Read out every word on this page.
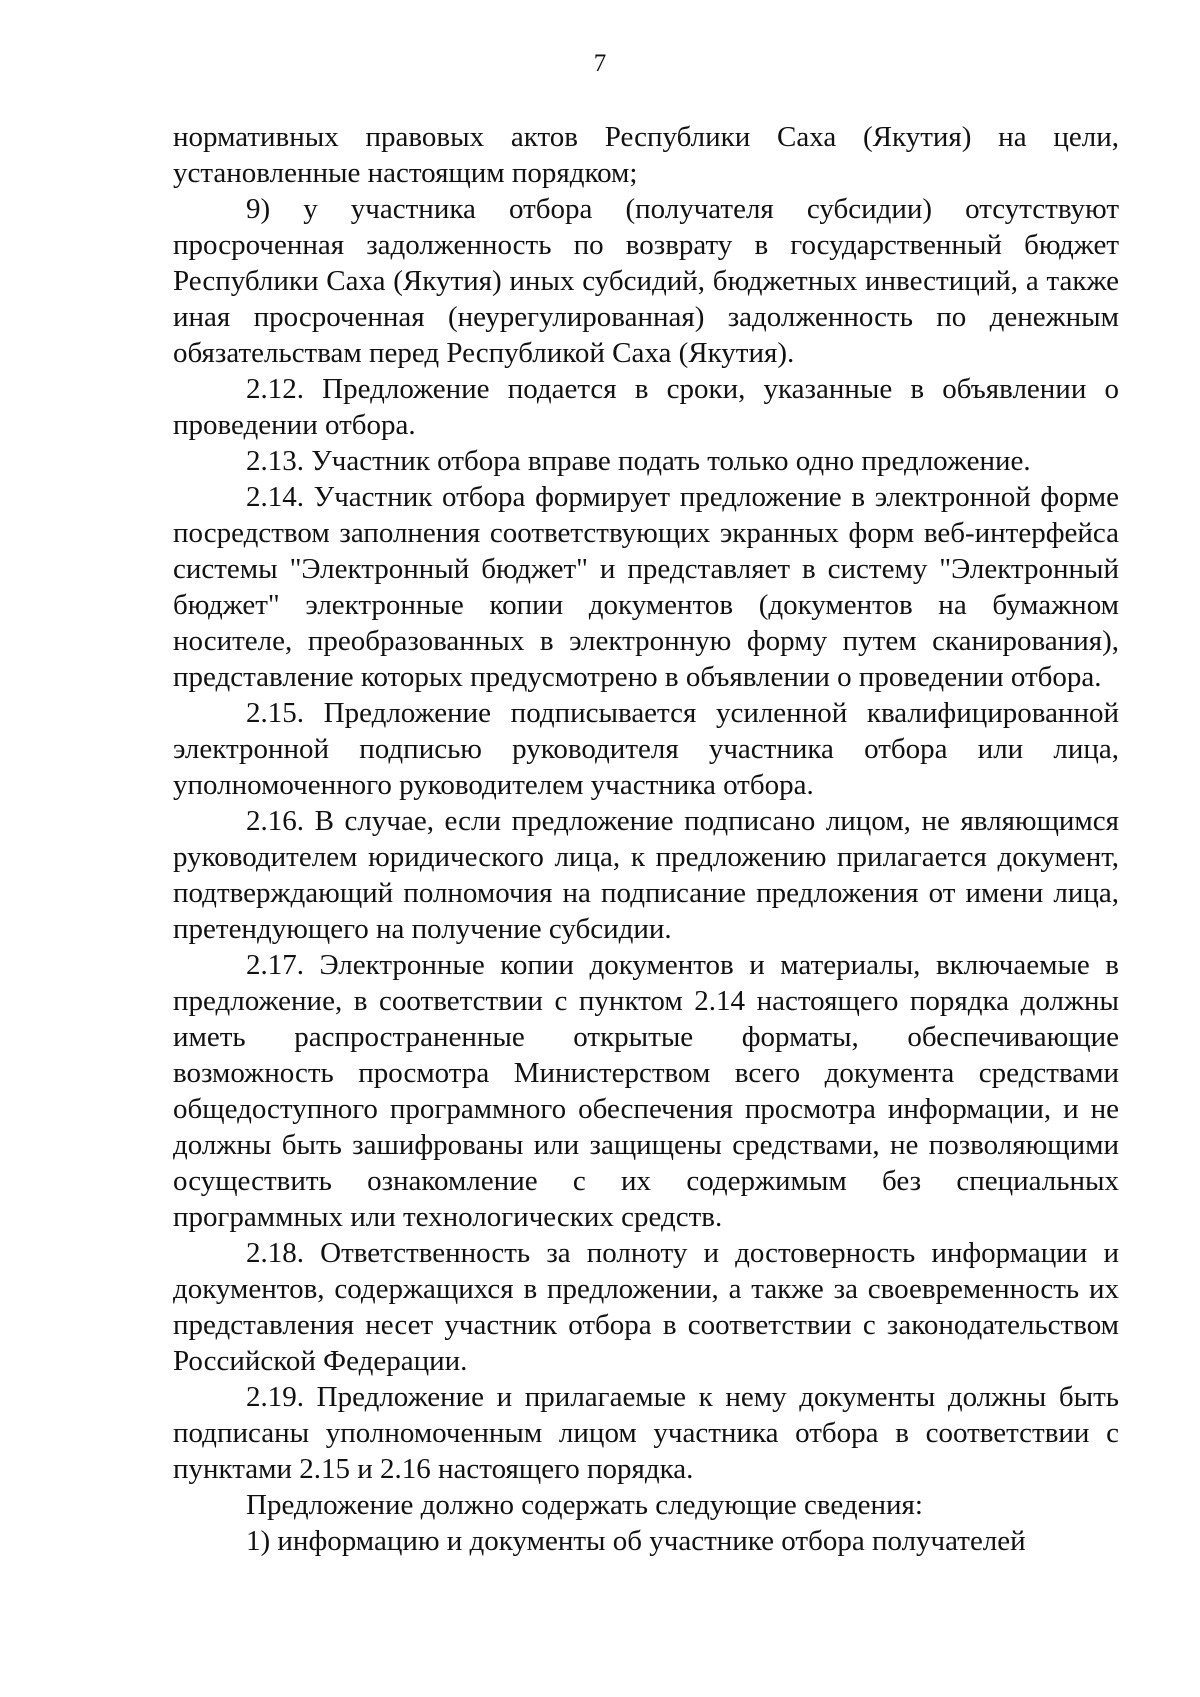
7

нормативных правовых актов Республики Саха (Якутия) на цели, установленные настоящим порядком;

9) у участника отбора (получателя субсидии) отсутствуют просроченная задолженность по возврату в государственный бюджет Республики Саха (Якутия) иных субсидий, бюджетных инвестиций, а также иная просроченная (неурегулированная) задолженность по денежным обязательствам перед Республикой Саха (Якутия).

2.12. Предложение подается в сроки, указанные в объявлении о проведении отбора.

2.13. Участник отбора вправе подать только одно предложение.

2.14. Участник отбора формирует предложение в электронной форме посредством заполнения соответствующих экранных форм веб-интерфейса системы "Электронный бюджет" и представляет в систему "Электронный бюджет" электронные копии документов (документов на бумажном носителе, преобразованных в электронную форму путем сканирования), представление которых предусмотрено в объявлении о проведении отбора.

2.15. Предложение подписывается усиленной квалифицированной электронной подписью руководителя участника отбора или лица, уполномоченного руководителем участника отбора.

2.16. В случае, если предложение подписано лицом, не являющимся руководителем юридического лица, к предложению прилагается документ, подтверждающий полномочия на подписание предложения от имени лица, претендующего на получение субсидии.

2.17. Электронные копии документов и материалы, включаемые в предложение, в соответствии с пунктом 2.14 настоящего порядка должны иметь распространенные открытые форматы, обеспечивающие возможность просмотра Министерством всего документа средствами общедоступного программного обеспечения просмотра информации, и не должны быть зашифрованы или защищены средствами, не позволяющими осуществить ознакомление с их содержимым без специальных программных или технологических средств.

2.18. Ответственность за полноту и достоверность информации и документов, содержащихся в предложении, а также за своевременность их представления несет участник отбора в соответствии с законодательством Российской Федерации.

2.19. Предложение и прилагаемые к нему документы должны быть подписаны уполномоченным лицом участника отбора в соответствии с пунктами 2.15 и 2.16 настоящего порядка.

Предложение должно содержать следующие сведения:

1) информацию и документы об участнике отбора получателей
